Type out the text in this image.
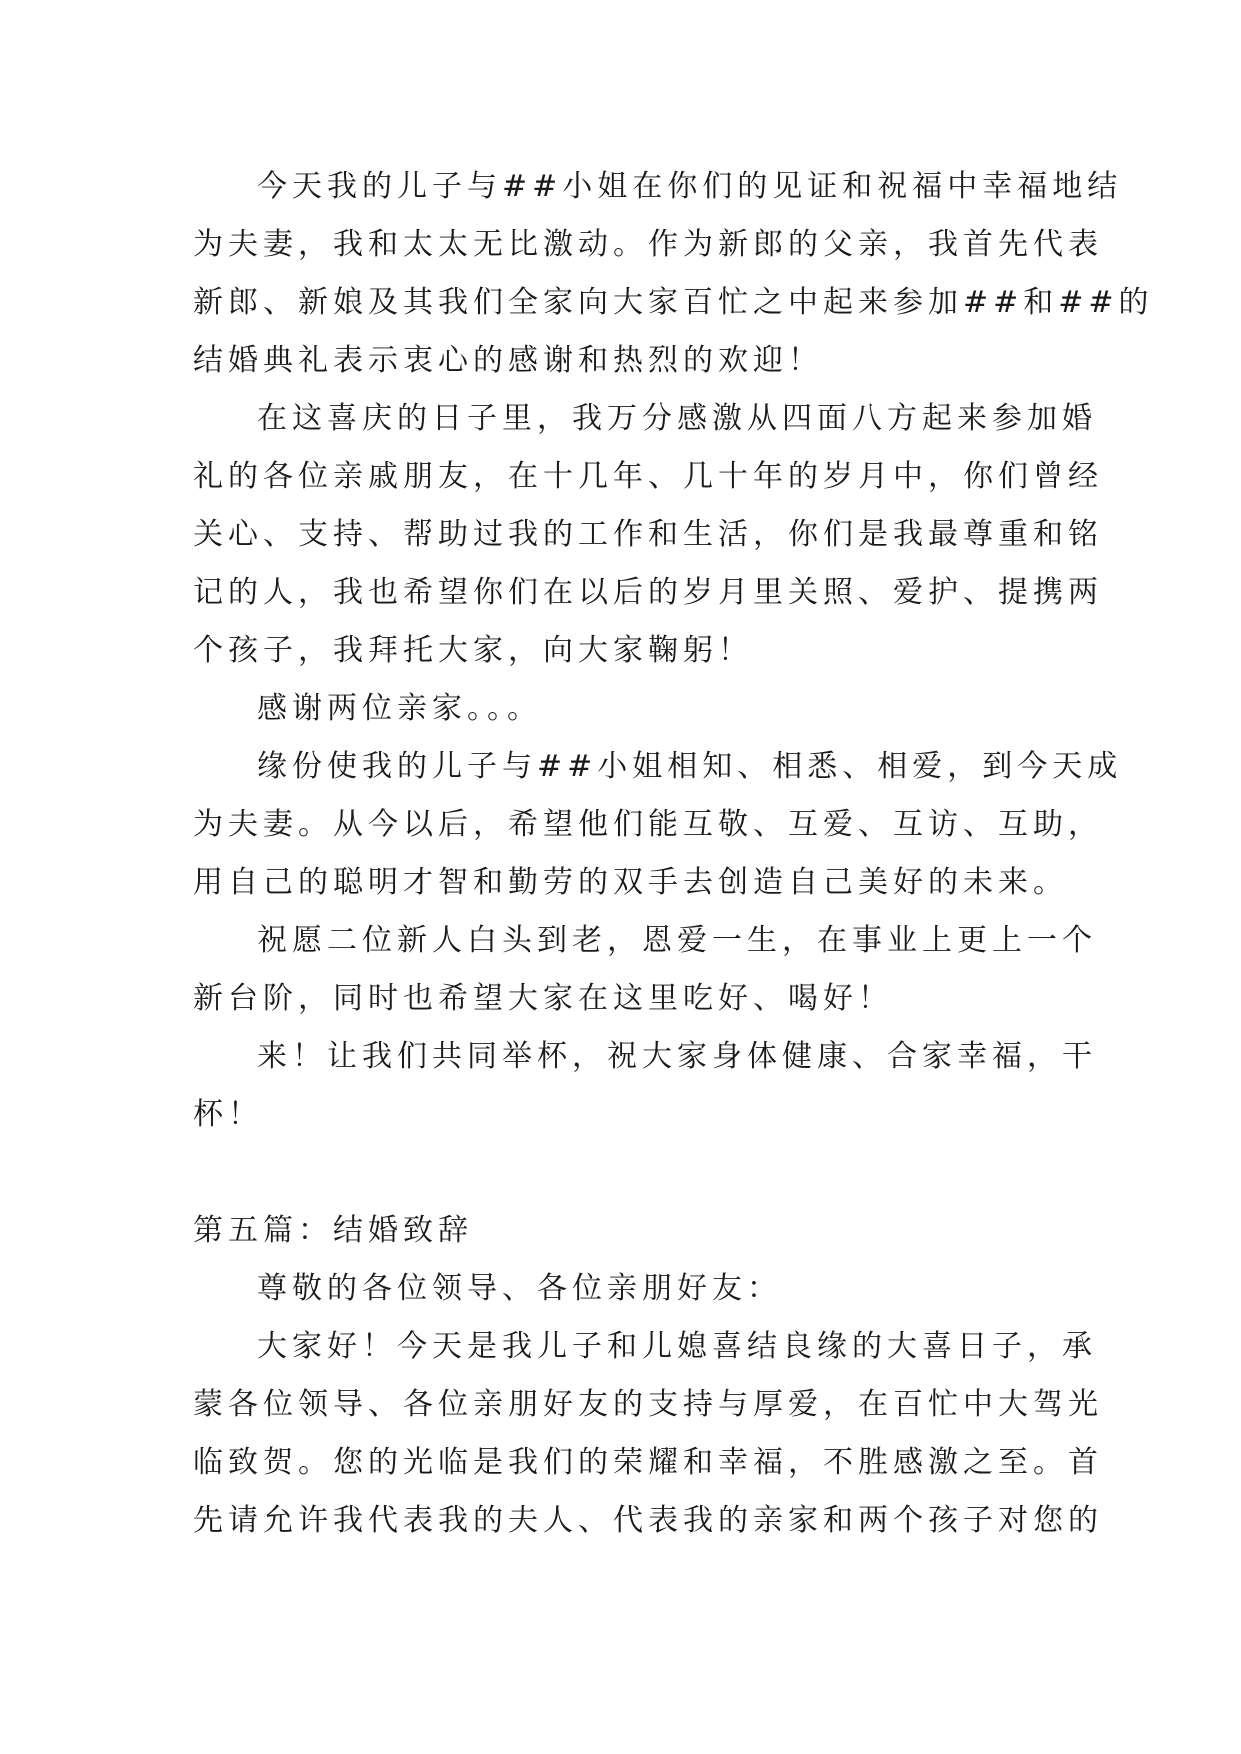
今天我的儿子与##小姐在你们的见证和祝福中幸福地结
为夫妻，我和太太无比激动。作为新郎的父亲，我首先代表
新郎、新娘及其我们全家向大家百忙之中起来参加##和##的
结婚典礼表示衷心的感谢和热烈的欢迎！
在这喜庆的日子里，我万分感激从四面八方起来参加婚
礼的各位亲戚朋友，在十几年、几十年的岁月中，你们曾经
关心、支持、帮助过我的工作和生活，你们是我最尊重和铭
记的人，我也希望你们在以后的岁月里关照、爱护、提携两
个孩子，我拜托大家，向大家鞠躬！
感谢两位亲家。。。
缘份使我的儿子与##小姐相知、相悉、相爱，到今天成
为夫妻。从今以后，希望他们能互敬、互爱、互访、互助，
用自己的聪明才智和勤劳的双手去创造自己美好的未来。
祝愿二位新人白头到老，恩爱一生，在事业上更上一个
新台阶，同时也希望大家在这里吃好、喝好！
来！让我们共同举杯，祝大家身体健康、合家幸福，干
杯！
第五篇：结婚致辞
尊敬的各位领导、各位亲朋好友：
大家好！今天是我儿子和儿媳喜结良缘的大喜日子，承
蒙各位领导、各位亲朋好友的支持与厚爱，在百忙中大驾光
临致贺。您的光临是我们的荣耀和幸福，不胜感激之至。首
先请允许我代表我的夫人、代表我的亲家和两个孩子对您的
